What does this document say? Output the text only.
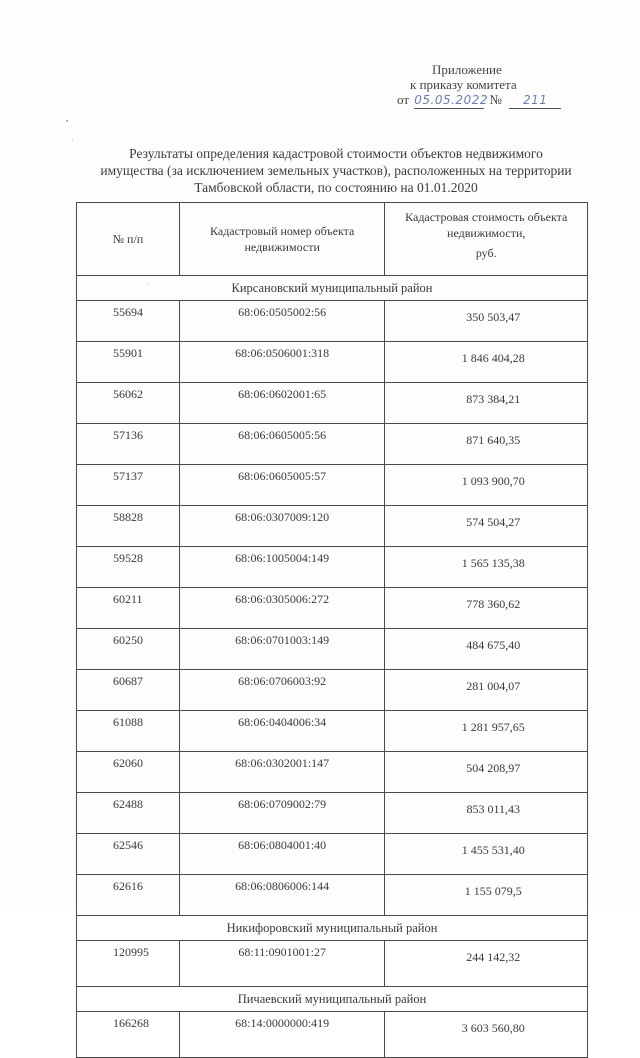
Приложение
к приказу комитета
от 05.05.2022 № 211
Результаты определения кадастровой стоимости объектов недвижимого имущества (за исключением земельных участков), расположенных на территории Тамбовской области, по состоянию на 01.01.2020
№ п/п	Кадастровый номер объекта недвижимости	Кадастровая стоимость объекта
недвижимости,

руб.

Кирсановский муниципальный район		
55694	68:06:0505002:56	350 503,47
55901	68:06:0506001:318	1 846 404,28
56062	68:06:0602001:65	873 384,21
57136	68:06:0605005:56	871 640,35
57137	68:06:0605005:57	1 093 900,70
58828	68:06:0307009:120	574 504,27
59528	68:06:1005004:149	1 565 135,38
60211	68:06:0305006:272	778 360,62
60250	68:06:0701003:149	484 675,40
60687	68:06:0706003:92	281 004,07
61088	68:06:0404006:34	1 281 957,65
62060	68:06:0302001:147	504 208,97
62488	68:06:0709002:79	853 011,43
62546	68:06:0804001:40	1 455 531,40
62616	68:06:0806006:144	1 155 079,5
Никифоровский муниципальный район		
120995	68:11:0901001:27	244 142,32
Пичаевский муниципальный район		
166268	68:14:0000000:419	3 603 560,80
